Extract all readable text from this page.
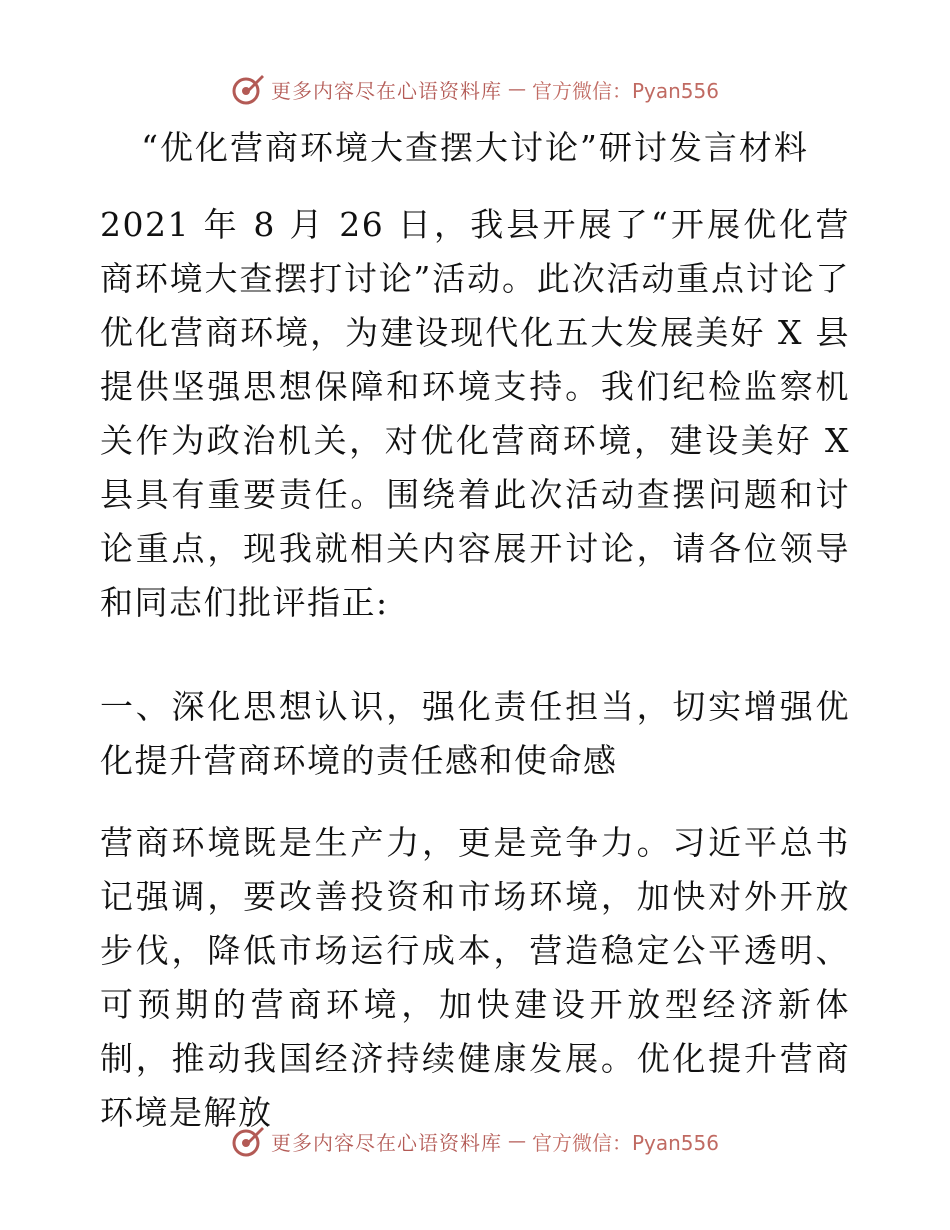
更多内容尽在心语资料库 — 官方微信：Pyan556
“优化营商环境大查摆大讨论”研讨发言材料
2021 年 8 月 26 日，我县开展了“开展优化营商环境大查摆打讨论”活动。此次活动重点讨论了优化营商环境，为建设现代化五大发展美好 X 县提供坚强思想保障和环境支持。我们纪检监察机关作为政治机关，对优化营商环境，建设美好 X 县具有重要责任。围绕着此次活动查摆问题和讨论重点，现我就相关内容展开讨论，请各位领导和同志们批评指正:
一、深化思想认识，强化责任担当，切实增强优化提升营商环境的责任感和使命感
营商环境既是生产力，更是竞争力。习近平总书记强调，要改善投资和市场环境，加快对外开放步伐，降低市场运行成本，营造稳定公平透明、可预期的营商环境，加快建设开放型经济新体制，推动我国经济持续健康发展。优化提升营商环境是解放
更多内容尽在心语资料库 — 官方微信：Pyan556
